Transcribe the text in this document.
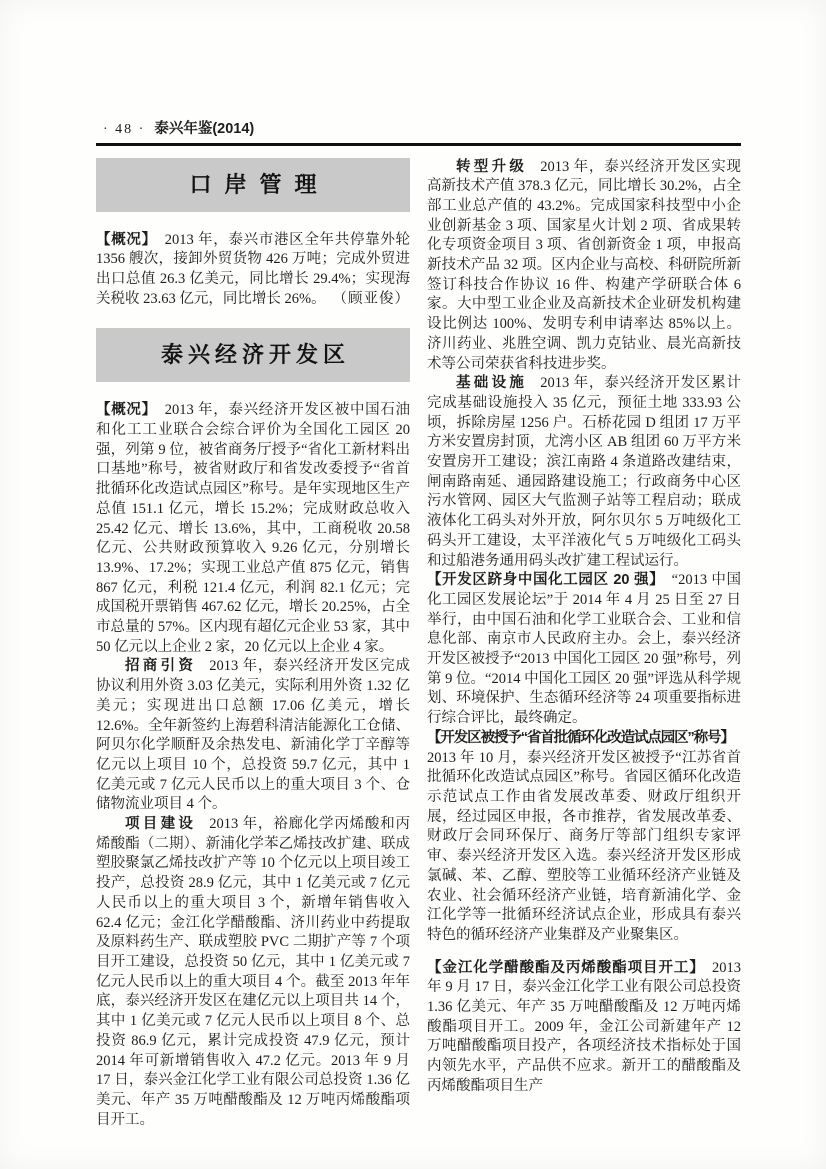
· 48 · 泰兴年鉴(2014)
口岸管理

【概况】 2013 年，泰兴市港区全年共停靠外轮 1356 艘次，接卸外贸货物 426 万吨；完成外贸进出口总值 26.3 亿美元，同比增长 29.4%；实现海关税收 23.63 亿元，同比增长 26%。 （顾亚俊）

泰兴经济开发区

【概况】 2013 年，泰兴经济开发区被中国石油和化工工业联合会综合评价为全国化工园区 20 强，列第 9 位，被省商务厅授予“省化工新材料出口基地”称号，被省财政厅和省发改委授予“省首批循环化改造试点园区”称号。是年实现地区生产总值 151.1 亿元，增长 15.2%；完成财政总收入 25.42 亿元、增长 13.6%，其中，工商税收 20.58 亿元、公共财政预算收入 9.26 亿元，分别增长 13.9%、17.2%；实现工业总产值 875 亿元，销售 867 亿元，利税 121.4 亿元，利润 82.1 亿元；完成国税开票销售 467.62 亿元，增长 20.25%，占全市总量的 57%。区内现有超亿元企业 53 家，其中 50 亿元以上企业 2 家，20 亿元以上企业 4 家。

招商引资 2013 年，泰兴经济开发区完成协议利用外资 3.03 亿美元，实际利用外资 1.32 亿美元；实现进出口总额 17.06 亿美元，增长 12.6%。全年新签约上海碧科清洁能源化工仓储、阿贝尔化学顺酐及余热发电、新浦化学丁辛醇等亿元以上项目 10 个，总投资 59.7 亿元，其中 1 亿美元或 7 亿元人民币以上的重大项目 3 个、仓储物流业项目 4 个。

项目建设 2013 年，裕廊化学丙烯酸和丙烯酸酯（二期）、新浦化学苯乙烯技改扩建、联成塑胶聚氯乙烯技改扩产等 10 个亿元以上项目竣工投产，总投资 28.9 亿元，其中 1 亿美元或 7 亿元人民币以上的重大项目 3 个，新增年销售收入 62.4 亿元；金江化学醋酸酯、济川药业中药提取及原料药生产、联成塑胶 PVC 二期扩产等 7 个项目开工建设，总投资 50 亿元，其中 1 亿美元或 7 亿元人民币以上的重大项目 4 个。截至 2013 年年底，泰兴经济开发区在建亿元以上项目共 14 个，其中 1 亿美元或 7 亿元人民币以上项目 8 个、总投资 86.9 亿元，累计完成投资 47.9 亿元，预计 2014 年可新增销售收入 47.2 亿元。2013 年 9 月 17 日，泰兴金江化学工业有限公司总投资 1.36 亿美元、年产 35 万吨醋酸酯及 12 万吨丙烯酸酯项目开工。

转型升级 2013 年，泰兴经济开发区实现高新技术产值 378.3 亿元，同比增长 30.2%，占全部工业总产值的 43.2%。完成国家科技型中小企业创新基金 3 项、国家星火计划 2 项、省成果转化专项资金项目 3 项、省创新资金 1 项，申报高新技术产品 32 项。区内企业与高校、科研院所新签订科技合作协议 16 件、构建产学研联合体 6 家。大中型工业企业及高新技术企业研发机构建设比例达 100%、发明专利申请率达 85%以上。济川药业、兆胜空调、凯力克钴业、晨光高新技术等公司荣获省科技进步奖。

基础设施 2013 年，泰兴经济开发区累计完成基础设施投入 35 亿元，预征土地 333.93 公顷，拆除房屋 1256 户。石桥花园 D 组团 17 万平方米安置房封顶，尤湾小区 AB 组团 60 万平方米安置房开工建设；滨江南路 4 条道路改建结束，闸南路南延、通园路建设施工；行政商务中心区污水管网、园区大气监测子站等工程启动；联成液体化工码头对外开放，阿尔贝尔 5 万吨级化工码头开工建设，太平洋液化气 5 万吨级化工码头和过船港务通用码头改扩建工程试运行。

【开发区跻身中国化工园区 20 强】 “2013 中国化工园区发展论坛”于 2014 年 4 月 25 日至 27 日举行，由中国石油和化学工业联合会、工业和信息化部、南京市人民政府主办。会上，泰兴经济开发区被授予“2013 中国化工园区 20 强”称号，列第 9 位。“2014 中国化工园区 20 强”评选从科学规划、环境保护、生态循环经济等 24 项重要指标进行综合评比，最终确定。

【开发区被授予“省首批循环化改造试点园区”称号】2013 年 10 月，泰兴经济开发区被授予“江苏省首批循环化改造试点园区”称号。省园区循环化改造示范试点工作由省发展改革委、财政厅组织开展，经过园区申报，各市推荐，省发展改革委、财政厅会同环保厅、商务厅等部门组织专家评审、泰兴经济开发区入选。泰兴经济开发区形成氯碱、苯、乙醇、塑胶等工业循环经济产业链及农业、社会循环经济产业链，培育新浦化学、金江化学等一批循环经济试点企业，形成具有泰兴特色的循环经济产业集群及产业聚集区。

【金江化学醋酸酯及丙烯酸酯项目开工】 2013 年 9 月 17 日，泰兴金江化学工业有限公司总投资 1.36 亿美元、年产 35 万吨醋酸酯及 12 万吨丙烯酸酯项目开工。2009 年，金江公司新建年产 12 万吨醋酸酯项目投产，各项经济技术指标处于国内领先水平，产品供不应求。新开工的醋酸酯及丙烯酸酯项目生产
